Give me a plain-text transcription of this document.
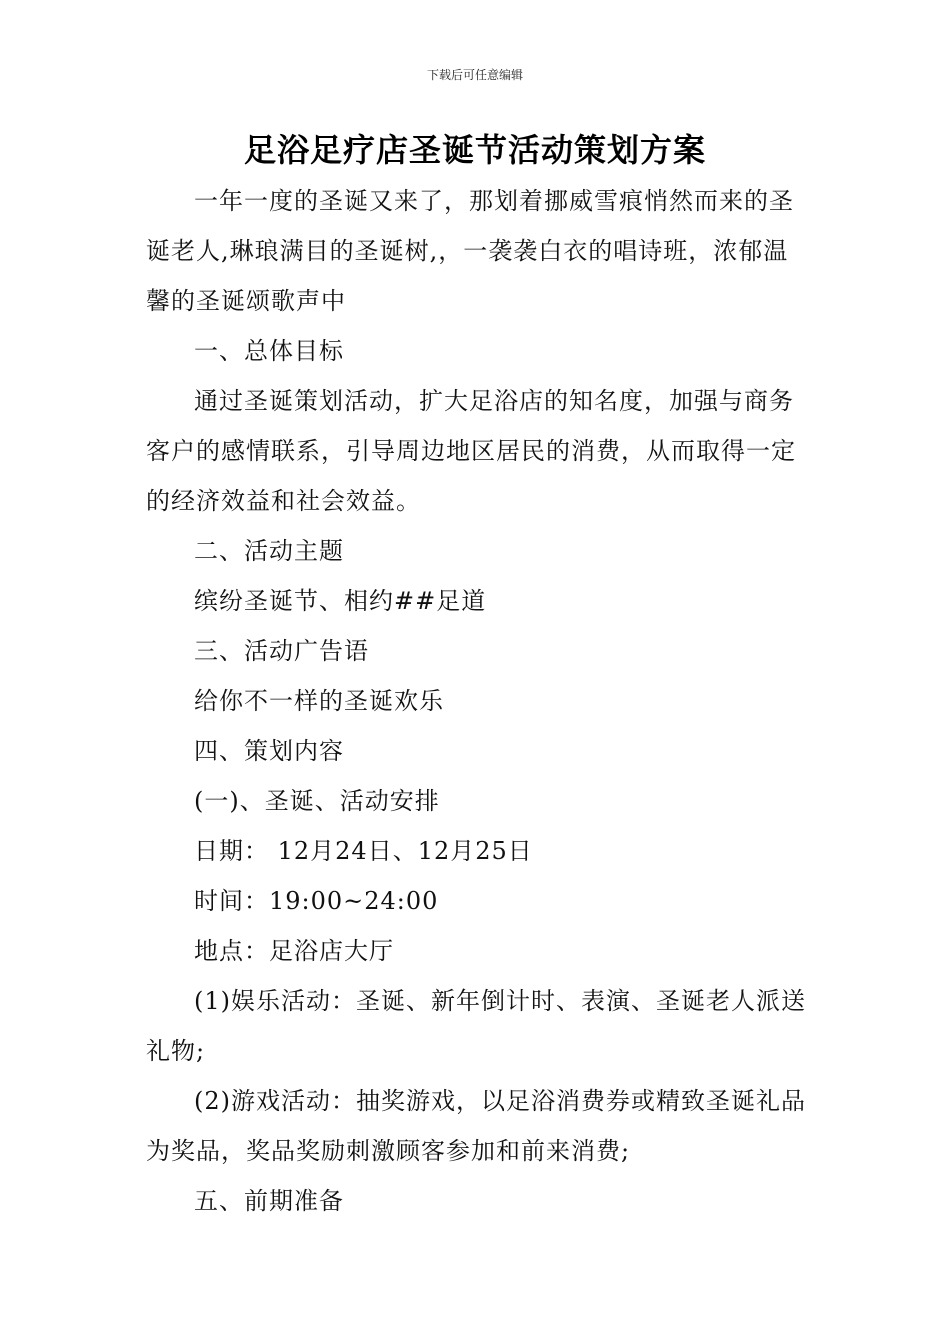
下载后可任意编辑
足浴足疗店圣诞节活动策划方案

一年一度的圣诞又来了，那划着挪威雪痕悄然而来的圣诞老人,琳琅满目的圣诞树,，一袭袭白衣的唱诗班，浓郁温馨的圣诞颂歌声中

一、总体目标

通过圣诞策划活动，扩大足浴店的知名度，加强与商务客户的感情联系，引导周边地区居民的消费，从而取得一定的经济效益和社会效益。

二、活动主题

缤纷圣诞节、相约##足道

三、活动广告语

给你不一样的圣诞欢乐

四、策划内容

(一)、圣诞、活动安排

日期： 12月24日、12月25日

时间：19:00~24:00

地点：足浴店大厅

(1)娱乐活动：圣诞、新年倒计时、表演、圣诞老人派送礼物;

(2)游戏活动：抽奖游戏，以足浴消费券或精致圣诞礼品为奖品，奖品奖励刺激顾客参加和前来消费;

五、前期准备
